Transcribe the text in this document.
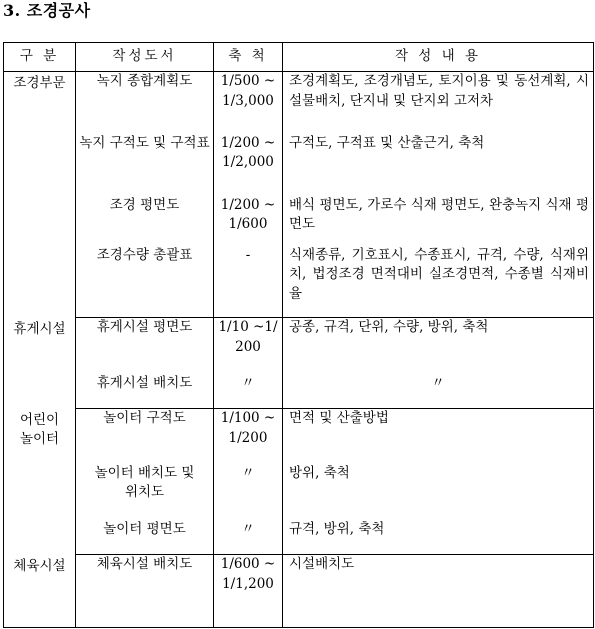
3. 조경공사
구 분	작성도서	축 척	작 성 내 용
조경부문	녹지 종합계획도	1/500 ~1/3,000	조경계획도, 조경개념도, 토지이용 및 동선계획, 시설물배치, 단지내 및 단지외 고저차
	녹지 구적도 및 구적표	1/200 ~1/2,000	구적도, 구적표 및 산출근거, 축척
	조경 평면도	1/200 ~1/600	배식 평면도, 가로수 식재 평면도, 완충녹지 식재 평면도
	조경수량 총괄표	-	식재종류, 기호표시, 수종표시, 규격, 수량, 식재위치, 법정조경 면적대비 실조경면적, 수종별 식재비율
휴게시설	휴게시설 평면도	1/10 ~1/200	공종, 규격, 단위, 수량, 방위, 축척
	휴게시설 배치도	〃	〃
어린이 놀이터	놀이터 구적도	1/100 ~1/200	면적 및 산출방법
	놀이터 배치도 및 위치도	〃	방위, 축척
	놀이터 평면도	〃	규격, 방위, 축척
체육시설	체육시설 배치도	1/600 ~1/1,200	시설배치도
